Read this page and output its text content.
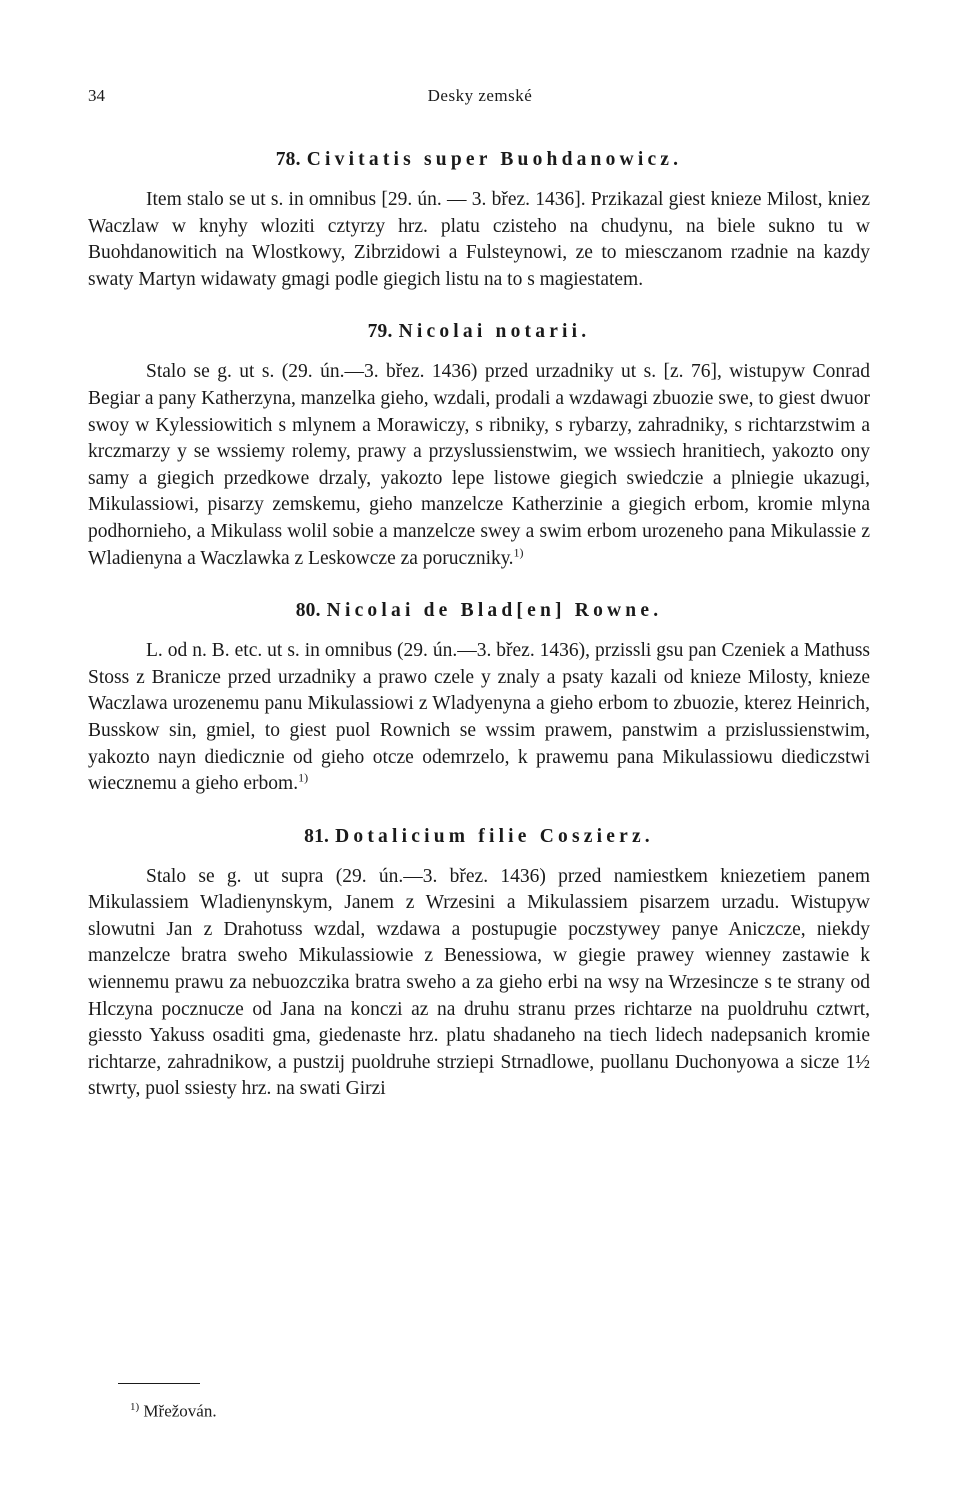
34	Desky zemské
78. Civitatis super Buohdanowicz.

Item stalo se ut s. in omnibus [29. ún. — 3. břez. 1436]. Przikazal giest knieze Milost, kniez Waczlaw w knyhy wloziti cztyrzy hrz. platu czisteho na chudynu, na biele sukno tu w Buohdanowitich na Wlostkowy, Zibrzidowi a Fulsteynowi, ze to miesczanom rzadnie na kazdy swaty Martyn widawaty gmagi podle giegich listu na to s magiestatem.

79. Nicolai notarii.

Stalo se g. ut s. (29. ún.—3. břez. 1436) przed urzadniky ut s. [z. 76], wistupyw Conrad Begiar a pany Katherzyna, manzelka gieho, wzdali, prodali a wzdawagi zbuozie swe, to giest dwuor swoy w Kylessiowitich s mlynem a Morawiczy, s ribniky, s rybarzy, zahradniky, s richtarzstwim a krczmarzy y se wssiemy rolemy, prawy a przyslussienstwim, we wssiech hranitiech, yakozto ony samy a giegich przedkowe drzaly, yakozto lepe listowe giegich swiedczie a plniegie ukazugi, Mikulassiowi, pisarzy zemskemu, gieho manzelcze Katherzinie a giegich erbom, kromie mlyna podhornieho, a Mikulass wolil sobie a manzelcze swey a swim erbom urozeneho pana Mikulassie z Wladienyna a Waczlawka z Leskowcze za porucznikу.$^{1)}$

80. Nicolai de Blad[en] Rowne.

L. od n. B. etc. ut s. in omnibus (29. ún.—3. břez. 1436), przissli gsu pan Czeniek a Mathuss Stoss z Branicze przed urzadniky a prawo czele y znaly a psaty kazali od knieze Milosty, knieze Waczlawa urozenemu panu Mikulassiowi z Wladyenyna a gieho erbom to zbuozie, kterez Heinrich, Busskow sin, gmiel, to giest puol Rownich se wssim prawem, panstwim a przislussienstwim, yakozto nayn diedicznie od gieho otcze odemrzelo, k prawemu pana Mikulassiowu diediczstwi wiecznemu a gieho erbom.$^{1)}$

81. Dotalicium filie Coszierz.

Stalo se g. ut supra (29. ún.—3. břez. 1436) przed namiestkem kniezetiem panem Mikulassiem Wladienynskym, Janem z Wrzesini a Mikulassiem pisarzem urzadu. Wistupyw slowutni Jan z Drahotuss wzdal, wzdawa a postupugie poczstywey panye Aniczcze, niekdy manzelcze bratra sweho Mikulassiowie z Benessiowa, w giegie prawey wienney zastawie k wiennemu prawu za nebuozczika bratra sweho a za gieho erbi na wsy na Wrzesincze s te strany od Hlczyna pocznucze od Jana na konczi az na druhu stranu przes richtarze na puoldruhu cztwrt, giessto Yakuss osaditi gma, giedenaste hrz. platu shadaneho na tiech lidech nadepsanich kromie richtarze, zahradnikow, a pustzij puoldruhe strziepi Strnadlowe, puollanu Duchonyowa a sicze 1½ stwrty, puol ssiesty hrz. na swati Girzi

$^{1)}$ Mřežován.
